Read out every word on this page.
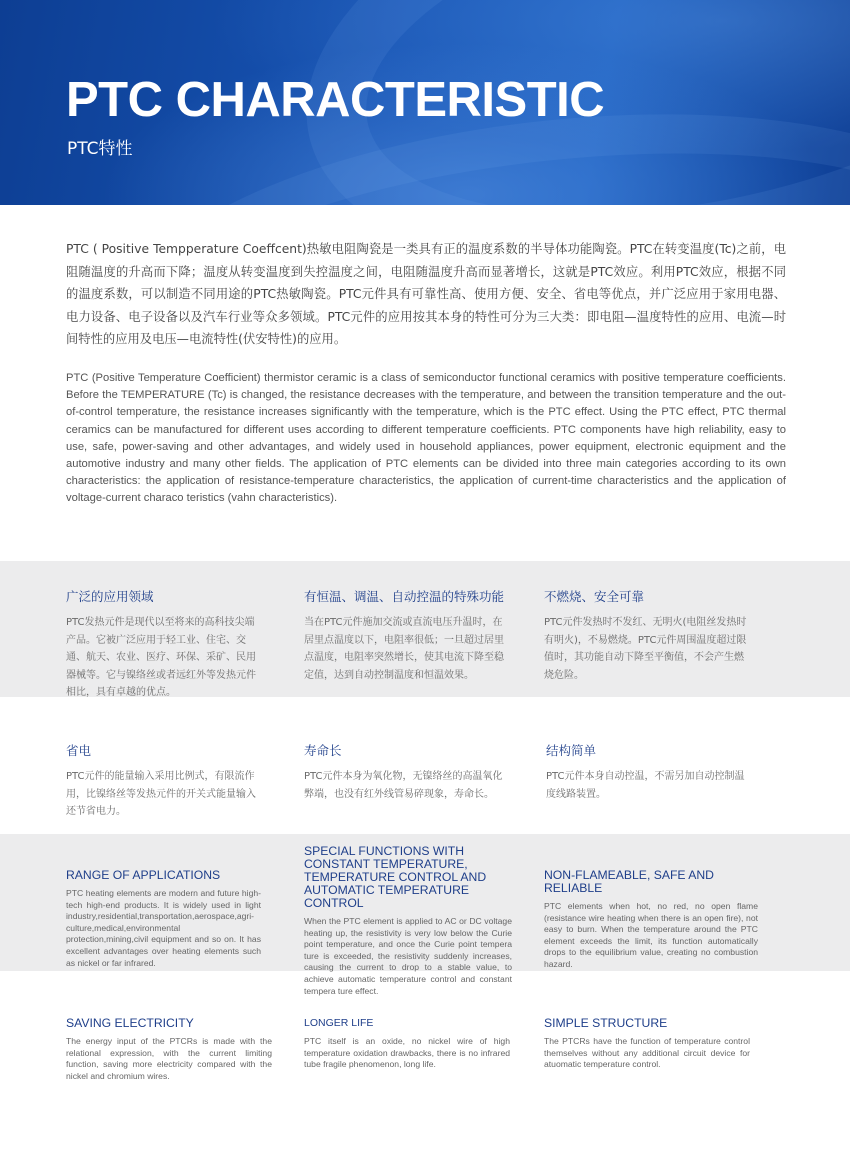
PTC CHARACTERISTIC
PTC特性

PTC ( Positive Tempperature Coeffcent)热敏电阻陶瓷是一类具有正的温度系数的半导体功能陶瓷。PTC在转变温度(Tc)之前，电阻随温度的升高而下降；温度从转变温度到失控温度之间，电阻随温度升高而显著增长，这就是PTC效应。利用PTC效应，根据不同的温度系数，可以制造不同用途的PTC热敏陶瓷。PTC元件具有可靠性高、使用方便、安全、省电等优点，并广泛应用于家用电器、电力设备、电子设备以及汽车行业等众多领域。PTC元件的应用按其本身的特性可分为三大类：即电阻—温度特性的应用、电流—时间特性的应用及电压—电流特性(伏安特性)的应用。

PTC (Positive Temperature Coefficient) thermistor ceramic is a class of semiconductor functional ceramics with positive temperature coefficients. Before the TEMPERATURE (Tc) is changed, the resistance decreases with the temperature, and between the transition temperature and the out-of-control temperature, the resistance increases significantly with the temperature, which is the PTC effect. Using the PTC effect, PTC thermal ceramics can be manufactured for different uses according to different temperature coefficients. PTC components have high reliability, easy to use, safe, power-saving and other advantages, and widely used in household appliances, power equipment, electronic equipment and the automotive industry and many other fields. The application of PTC elements can be divided into three main categories according to its own characteristics: the application of resistance-temperature characteristics, the application of current-time characteristics and the application of voltage-current characo teristics (vahn characteristics).

广泛的应用领域

PTC发热元件是现代以至将来的高科技尖端产品。它被广泛应用于轻工业、住宅、交通、航天、农业、医疗、环保、采矿、民用器械等。它与镍络丝或者远红外等发热元件相比，具有卓越的优点。

有恒温、调温、自动控温的特殊功能

当在PTC元件施加交流或直流电压升温时，在居里点温度以下，电阻率很低；一旦超过居里点温度，电阻率突然增长，使其电流下降至稳定值，达到自动控制温度和恒温效果。

不燃烧、安全可靠

PTC元件发热时不发红、无明火(电阻丝发热时有明火)，不易燃烧。PTC元件周围温度超过限值时，其功能自动下降至平衡值，不会产生燃烧危险。

省电

PTC元件的能量输入采用比例式，有限流作用，比镍络丝等发热元件的开关式能量输入还节省电力。

寿命长

PTC元件本身为氧化物，无镍络丝的高温氧化弊端，也没有红外线管易碎现象，寿命长。

结构简单

PTC元件本身自动控温，不需另加自动控制温度线路装置。

RANGE OF APPLICATIONS

PTC heating elements are modern and future high-tech high-end products. It is widely used in light industry,residential,transportation,aerospace,agri- culture,medical,environmental protection,mining,civil equipment and so on. It has excellent advantages over heating elements such as nickel or far infrared.

SPECIAL FUNCTIONS WITH CONSTANT TEMPERATURE, TEMPERATURE CONTROL AND AUTOMATIC TEMPERATURE CONTROL

When the PTC element is applied to AC or DC voltage heating up, the resistivity is very low below the Curie point temperature, and once the Curie point tempera ture is exceeded, the resistivity suddenly increases, causing the current to drop to a stable value, to achieve automatic temperature control and constant tempera ture effect.

NON-FLAMEABLE, SAFE AND RELIABLE

PTC elements when hot, no red, no open flame (resistance wire heating when there is an open fire), not easy to burn. When the temperature around the PTC element exceeds the limit, its function automatically drops to the equilibrium value, creating no combustion hazard.

SAVING ELECTRICITY

The energy input of the PTCRs is made with the relational expression, with the current limiting function, saving more electricity compared with the nickel and chromium wires.

LONGER LIFE

PTC itself is an oxide, no nickel wire of high temperature oxidation drawbacks, there is no infrared tube fragile phenomenon, long life.

SIMPLE STRUCTURE

The PTCRs have the function of temperature control themselves without any additional circuit device for atuomatic temperature control.
